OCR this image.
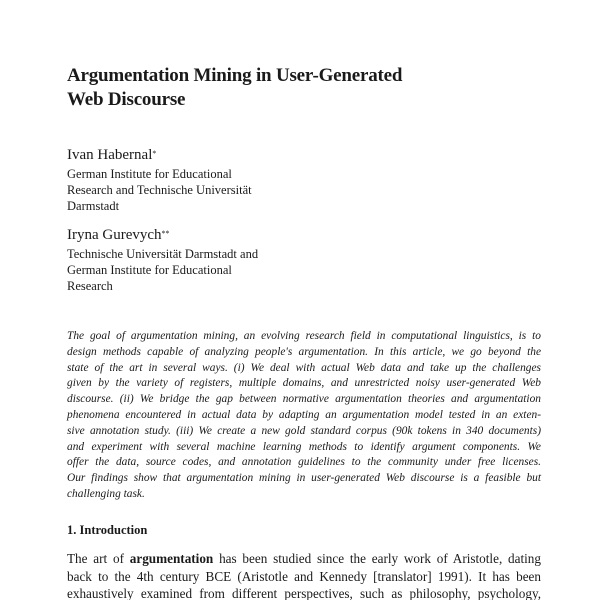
Argumentation Mining in User-Generated
Web Discourse
Ivan Habernal*
German Institute for Educational
Research and Technische Universität
Darmstadt
Iryna Gurevych**
Technische Universität Darmstadt and
German Institute for Educational
Research
The goal of argumentation mining, an evolving research field in computational linguistics, is to
design methods capable of analyzing people's argumentation. In this article, we go beyond the
state of the art in several ways. (i) We deal with actual Web data and take up the challenges
given by the variety of registers, multiple domains, and unrestricted noisy user-generated Web
discourse. (ii) We bridge the gap between normative argumentation theories and argumentation
phenomena encountered in actual data by adapting an argumentation model tested in an exten-
sive annotation study. (iii) We create a new gold standard corpus (90k tokens in 340 documents)
and experiment with several machine learning methods to identify argument components. We
offer the data, source codes, and annotation guidelines to the community under free licenses.
Our findings show that argumentation mining in user-generated Web discourse is a feasible but
challenging task.
1. Introduction
The art of argumentation has been studied since the early work of Aristotle, dating
back to the 4th century BCE (Aristotle and Kennedy [translator] 1991). It has been
exhaustively examined from different perspectives, such as philosophy, psychology,
